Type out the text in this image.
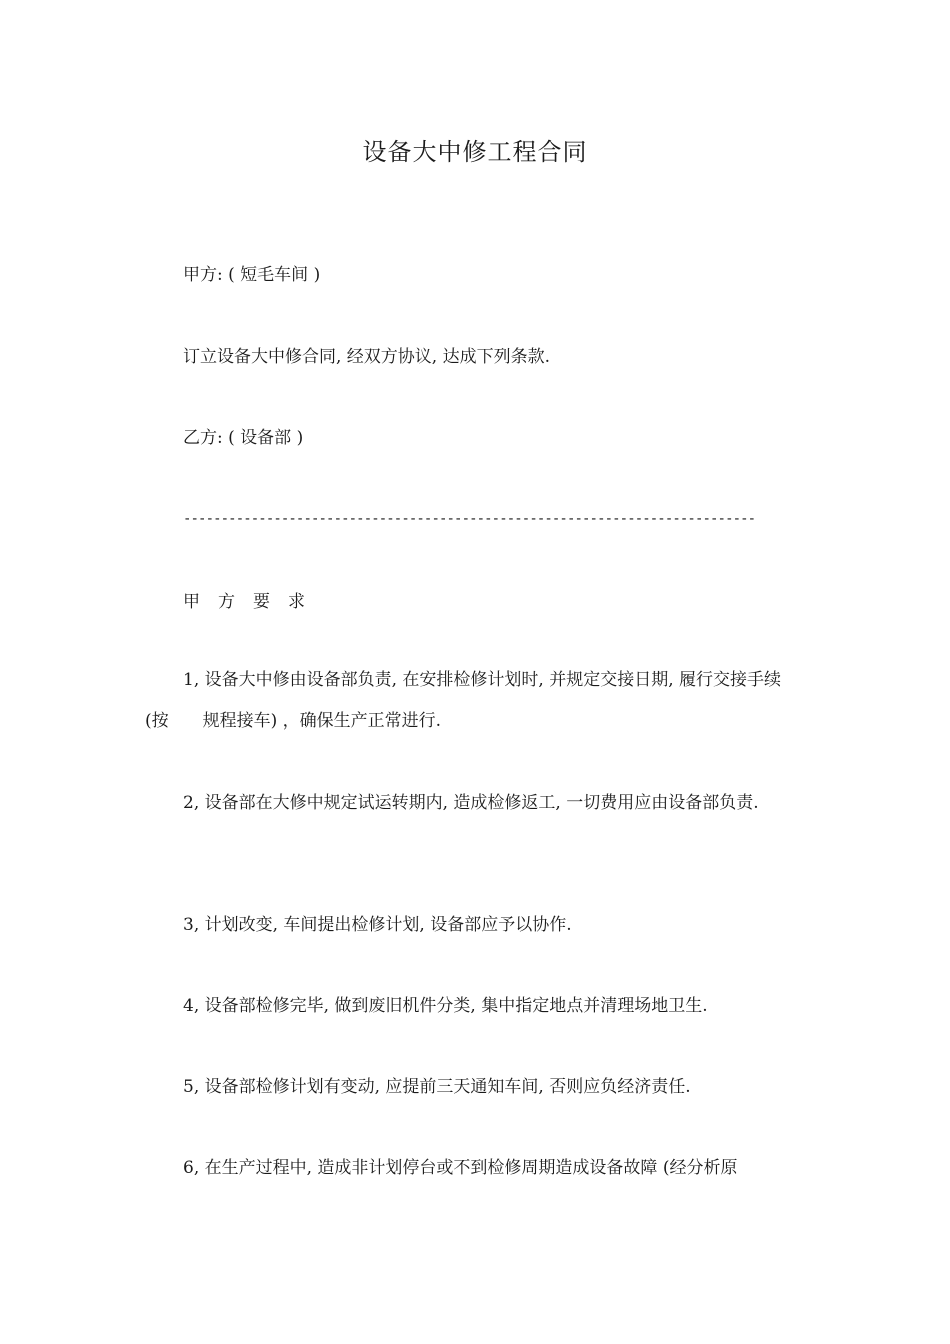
设备大中修工程合同
甲方: ( 短毛车间 )
订立设备大中修合同, 经双方协议, 达成下列条款.
乙方: ( 设备部 )
----------------------------------------------------------------------------
甲方要求
1, 设备大中修由设备部负责, 在安排检修计划时, 并规定交接日期, 履行交接手续 (按　　规程接车) ，确保生产正常进行.
2, 设备部在大修中规定试运转期内, 造成检修返工, 一切费用应由设备部负责.
3, 计划改变, 车间提出检修计划, 设备部应予以协作.
4, 设备部检修完毕, 做到废旧机件分类, 集中指定地点并清理场地卫生.
5, 设备部检修计划有变动, 应提前三天通知车间, 否则应负经济责任.
6, 在生产过程中, 造成非计划停台或不到检修周期造成设备故障 (经分析原
